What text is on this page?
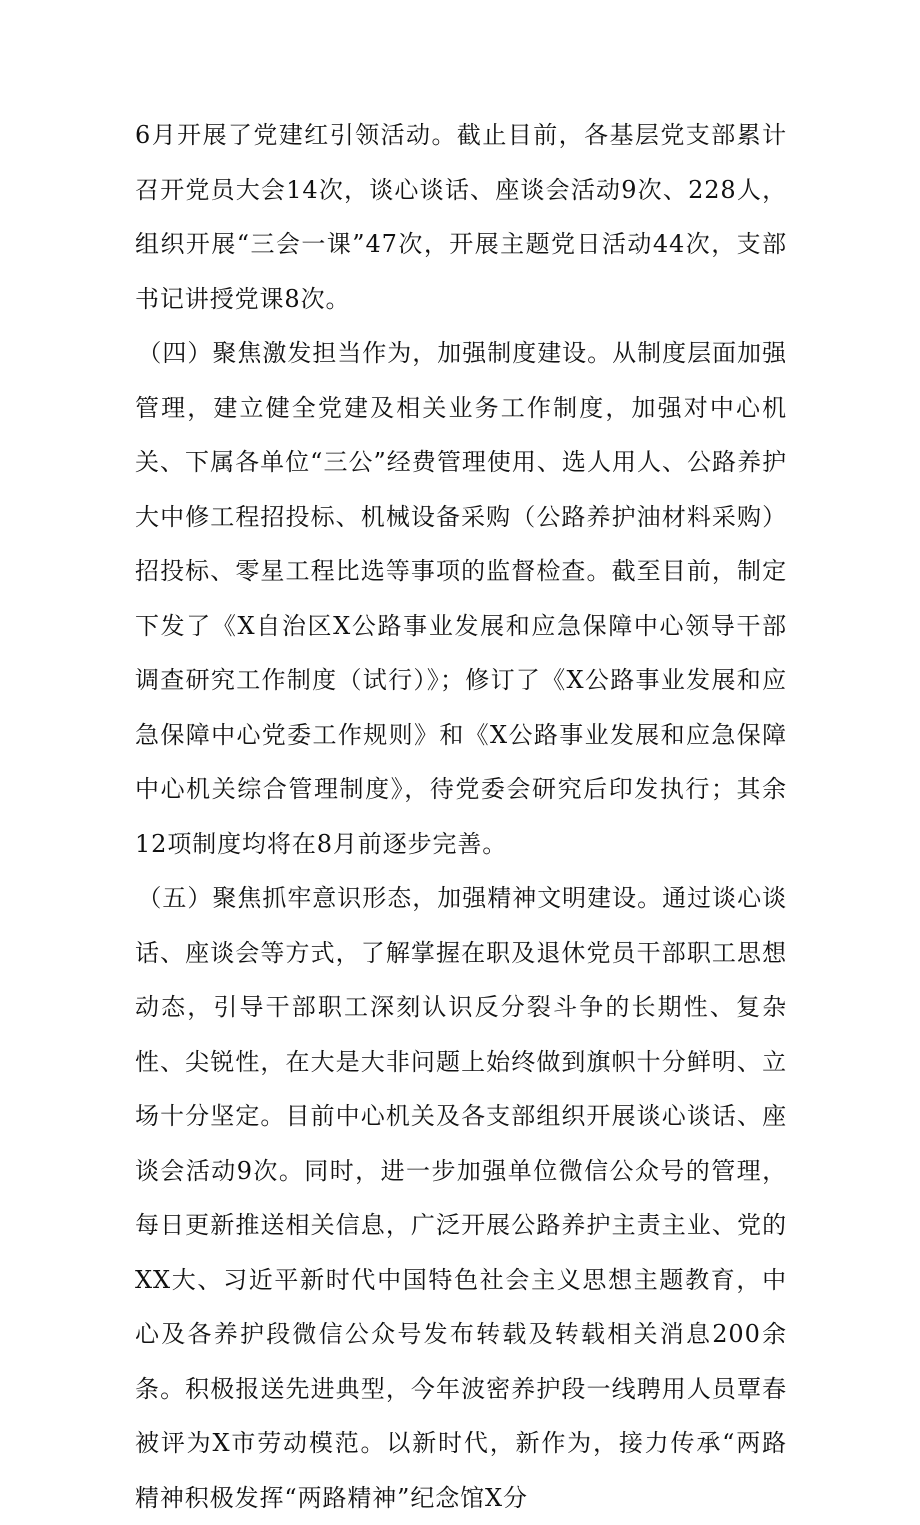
6月开展了党建红引领活动。截止目前，各基层党支部累计召开党员大会14次，谈心谈话、座谈会活动9次、228人，组织开展“三会一课”47次，开展主题党日活动44次，支部书记讲授党课8次。

（四）聚焦激发担当作为，加强制度建设。从制度层面加强管理，建立健全党建及相关业务工作制度，加强对中心机关、下属各单位“三公”经费管理使用、选人用人、公路养护大中修工程招投标、机械设备采购（公路养护油材料采购）招投标、零星工程比选等事项的监督检查。截至目前，制定下发了《X自治区X公路事业发展和应急保障中心领导干部调查研究工作制度（试行）》；修订了《X公路事业发展和应急保障中心党委工作规则》和《X公路事业发展和应急保障中心机关综合管理制度》，待党委会研究后印发执行；其余12项制度均将在8月前逐步完善。

（五）聚焦抓牢意识形态，加强精神文明建设。通过谈心谈话、座谈会等方式，了解掌握在职及退休党员干部职工思想动态，引导干部职工深刻认识反分裂斗争的长期性、复杂性、尖锐性，在大是大非问题上始终做到旗帜十分鲜明、立场十分坚定。目前中心机关及各支部组织开展谈心谈话、座谈会活动9次。同时，进一步加强单位微信公众号的管理，每日更新推送相关信息，广泛开展公路养护主责主业、党的XX大、习近平新时代中国特色社会主义思想主题教育，中心及各养护段微信公众号发布转载及转载相关消息200余条。积极报送先进典型，今年波密养护段一线聘用人员覃春被评为X市劳动模范。以新时代，新作为，接力传承“两路精神积极发挥“两路精神”纪念馆X分
